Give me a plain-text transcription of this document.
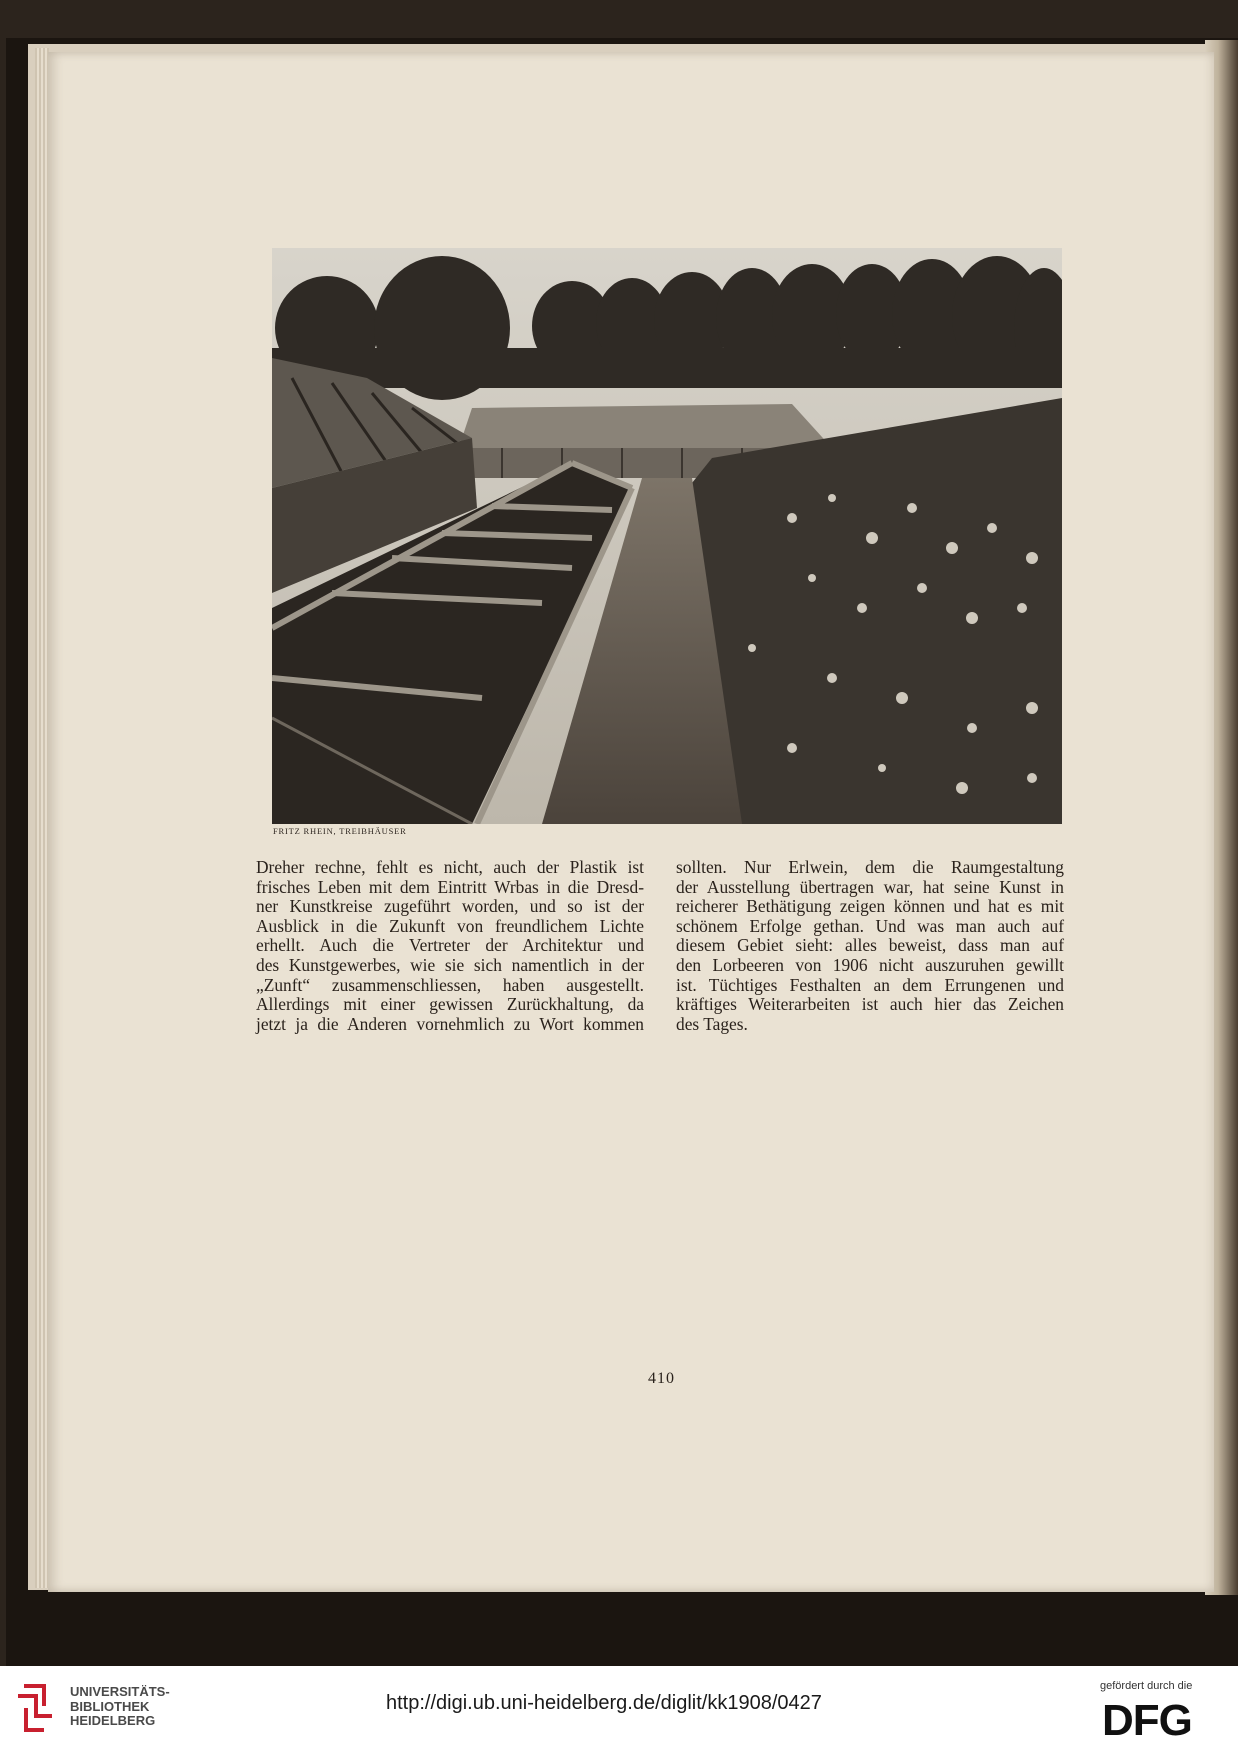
FRITZ RHEIN, TREIBHÄUSER
Dreher rechne, fehlt es nicht, auch der Plastik ist
frisches Leben mit dem Eintritt Wrbas in die Dresd-
ner Kunstkreise zugeführt worden, und so ist der
Ausblick in die Zukunft von freundlichem Lichte
erhellt. Auch die Vertreter der Architektur und
des Kunstgewerbes, wie sie sich namentlich in der
„Zunft“ zusammenschliessen, haben ausgestellt.
Allerdings mit einer gewissen Zurückhaltung, da
jetzt ja die Anderen vornehmlich zu Wort kommen
sollten. Nur Erlwein, dem die Raumgestaltung
der Ausstellung übertragen war, hat seine Kunst in
reicherer Bethätigung zeigen können und hat es mit
schönem Erfolge gethan. Und was man auch auf
diesem Gebiet sieht: alles beweist, dass man auf
den Lorbeeren von 1906 nicht auszuruhen gewillt
ist. Tüchtiges Festhalten an dem Errungenen und
kräftiges Weiterarbeiten ist auch hier das Zeichen
des Tages.
410
UNIVERSITÄTS-
BIBLIOTHEK
HEIDELBERG
http://digi.ub.uni-heidelberg.de/diglit/kk1908/0427
gefördert durch die
DFG
